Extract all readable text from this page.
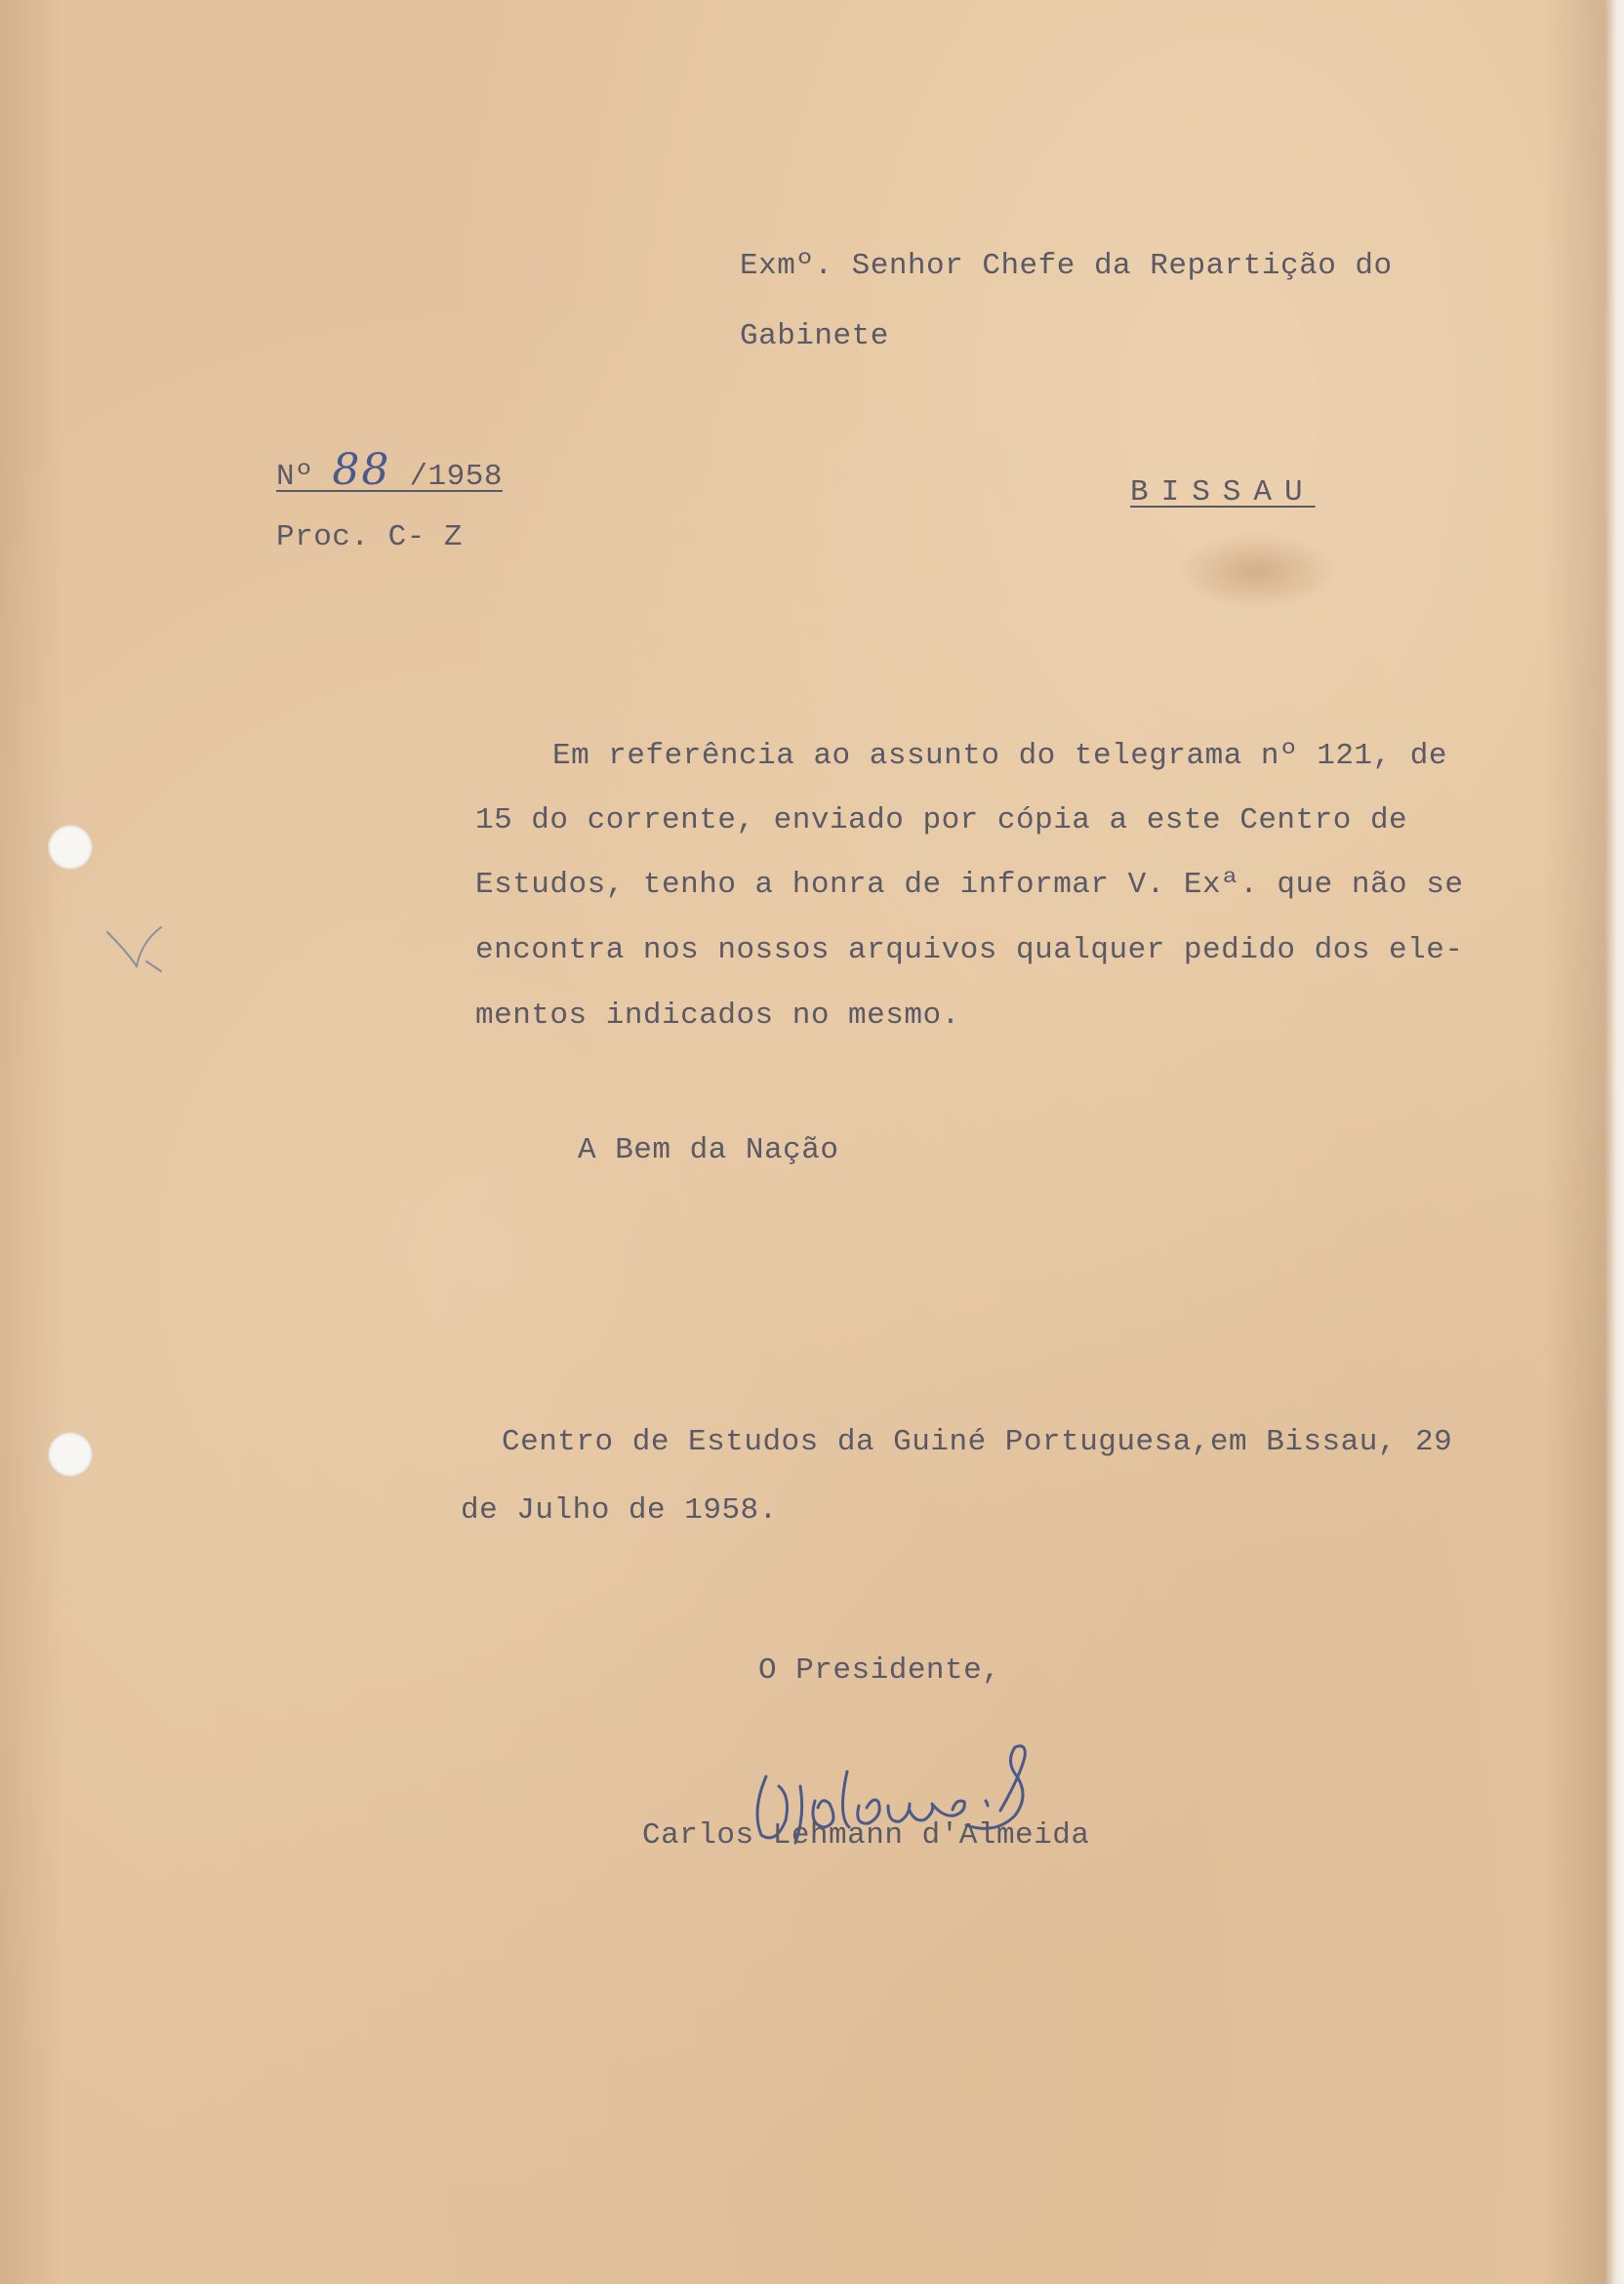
Exmº. Senhor Chefe da Repartição do
Gabinete
Nº 88 /1958
Proc. C- Z
BISSAU
Em referência ao assunto do telegrama nº 121, de
15 do corrente, enviado por cópia a este Centro de
Estudos, tenho a honra de informar V. Exª. que não se
encontra nos nossos arquivos qualquer pedido dos ele-
mentos indicados no mesmo.
A Bem da Nação
Centro de Estudos da Guiné Portuguesa,em Bissau, 29
de Julho de 1958.
O Presidente,
Carlos Lehmann d'Almeida
